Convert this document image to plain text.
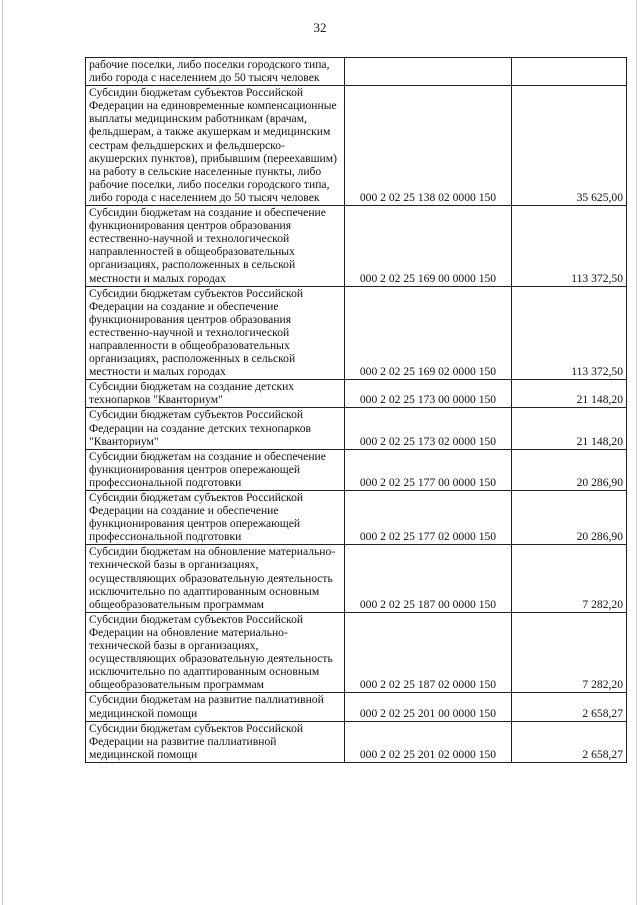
32
рабочие поселки, либо поселки городского типа, либо города с населением до 50 тысяч человек		
Субсидии бюджетам субъектов Российской Федерации на единовременные компенсационные выплаты медицинским работникам (врачам, фельдшерам, а также акушеркам и медицинским сестрам фельдшерских и фельдшерско-акушерских пунктов), прибывшим (переехавшим) на работу в сельские населенные пункты, либо рабочие поселки, либо поселки городского типа, либо города с населением до 50 тысяч человек	000 2 02 25 138 02 0000 150	35 625,00
Субсидии бюджетам на создание и обеспечение функционирования центров образования естественно-научной и технологической направленностей в общеобразовательных организациях, расположенных в сельской местности и малых городах	000 2 02 25 169 00 0000 150	113 372,50
Субсидии бюджетам субъектов Российской Федерации на создание и обеспечение функционирования центров образования естественно-научной и технологической направленности в общеобразовательных организациях, расположенных в сельской местности и малых городах	000 2 02 25 169 02 0000 150	113 372,50
Субсидии бюджетам на создание детских технопарков "Кванториум"	000 2 02 25 173 00 0000 150	21 148,20
Субсидии бюджетам субъектов Российской Федерации на создание детских технопарков "Кванториум"	000 2 02 25 173 02 0000 150	21 148,20
Субсидии бюджетам на создание и обеспечение функционирования центров опережающей профессиональной подготовки	000 2 02 25 177 00 0000 150	20 286,90
Субсидии бюджетам субъектов Российской Федерации на создание и обеспечение функционирования центров опережающей профессиональной подготовки	000 2 02 25 177 02 0000 150	20 286,90
Субсидии бюджетам на обновление материально-технической базы в организациях, осуществляющих образовательную деятельность исключительно по адаптированным основным общеобразовательным программам	000 2 02 25 187 00 0000 150	7 282,20
Субсидии бюджетам субъектов Российской Федерации на обновление материально-технической базы в организациях, осуществляющих образовательную деятельность исключительно по адаптированным основным общеобразовательным программам	000 2 02 25 187 02 0000 150	7 282,20
Субсидии бюджетам на развитие паллиативной медицинской помощи	000 2 02 25 201 00 0000 150	2 658,27
Субсидии бюджетам субъектов Российской Федерации на развитие паллиативной медицинской помощи	000 2 02 25 201 02 0000 150	2 658,27
